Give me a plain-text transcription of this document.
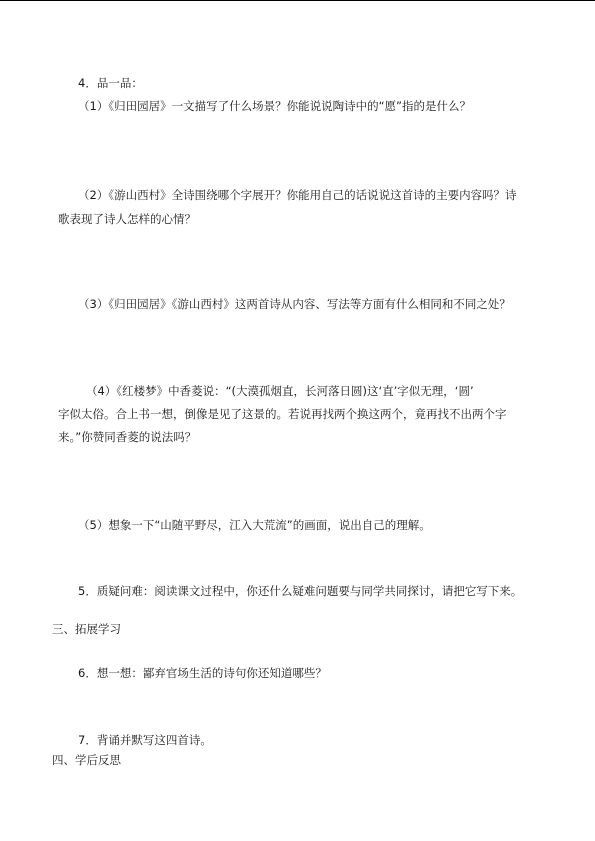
4．品一品：
（1）《归田园居》一文描写了什么场景？你能说说陶诗中的“愿”指的是什么？
（2）《游山西村》全诗围绕哪个字展开？你能用自己的话说说这首诗的主要内容吗？诗
歌表现了诗人怎样的心情？
（3）《归田园居》《游山西村》这两首诗从内容、写法等方面有什么相同和不同之处？
（4）《红楼梦》中香菱说：“(大漠孤烟直，长河落日圆)这‘直’字似无理，‘圆’
字似太俗。合上书一想，倒像是见了这景的。若说再找两个换这两个，竟再找不出两个字
来。”你赞同香菱的说法吗？
（5）想象一下“山随平野尽，江入大荒流”的画面，说出自己的理解。
5．质疑问难：阅读课文过程中，你还什么疑难问题要与同学共同探讨，请把它写下来。
三、拓展学习
6．想一想：鄙弃官场生活的诗句你还知道哪些？
7．背诵并默写这四首诗。
四、学后反思
